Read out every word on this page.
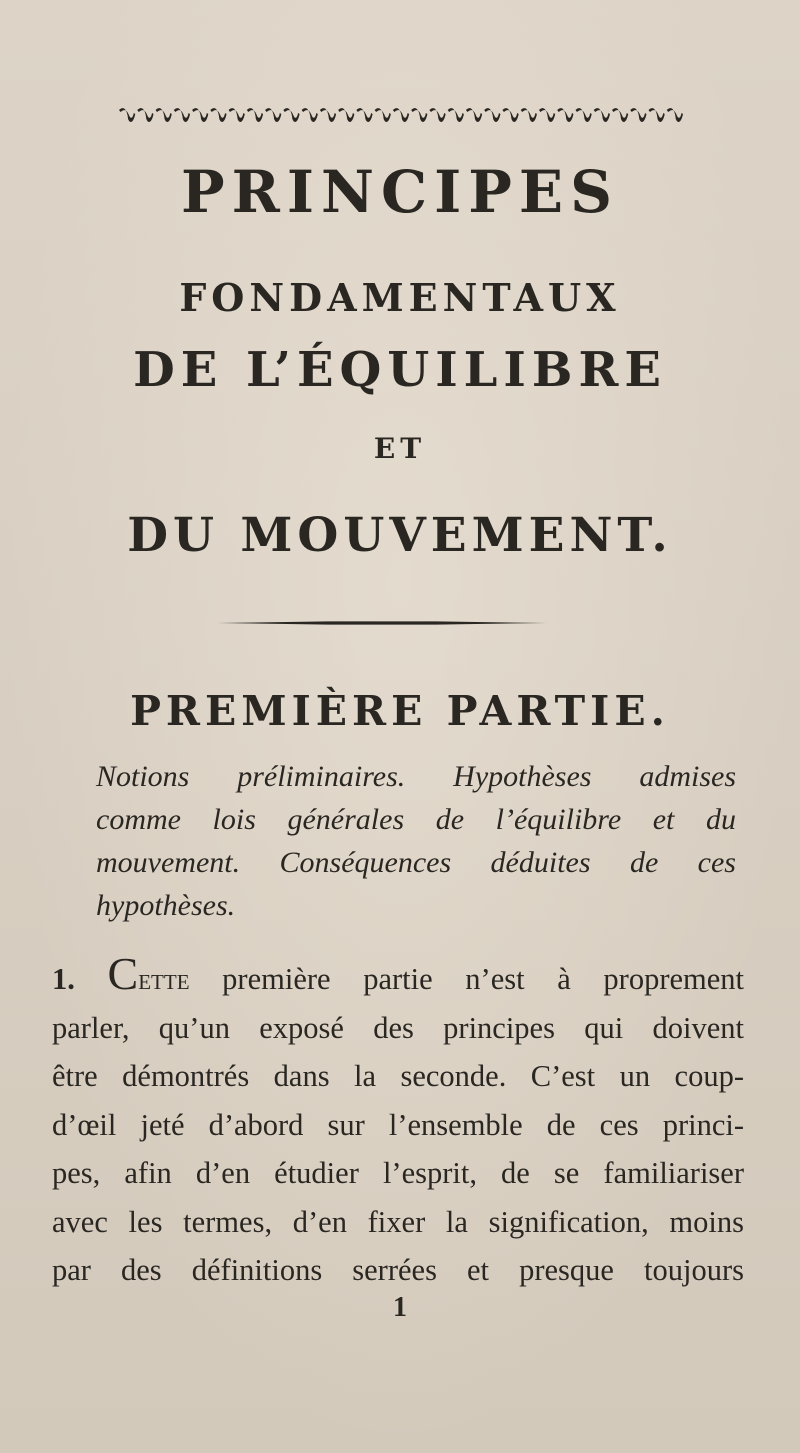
PRINCIPES
FONDAMENTAUX
DE L’ÉQUILIBRE
ET
DU MOUVEMENT.
PREMIÈRE PARTIE.

Notions préliminaires. Hypothèses admises
comme lois générales de l’équilibre et du
mouvement. Conséquences déduites de ces
hypothèses.

1. Cette première partie n’est à proprement
parler, qu’un exposé des principes qui doivent
être démontrés dans la seconde. C’est un coup-
d’œil jeté d’abord sur l’ensemble de ces princi-
pes, afin d’en étudier l’esprit, de se familiariser
avec les termes, d’en fixer la signification, moins
par des définitions serrées et presque toujours
1
